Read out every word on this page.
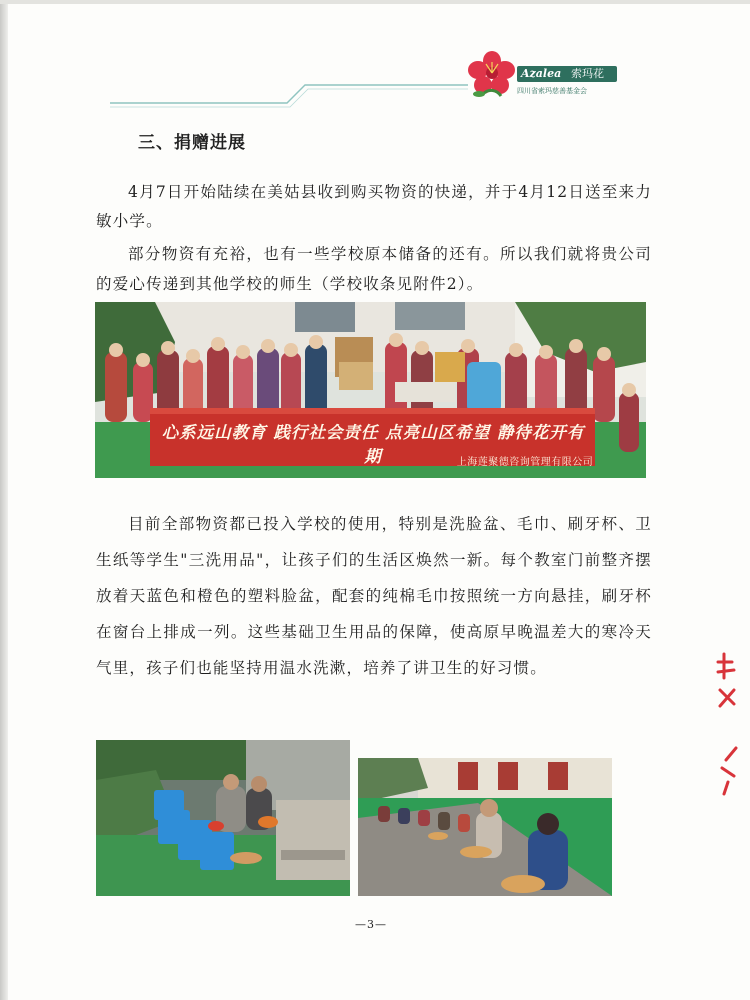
Azalea 索玛花
四川省索玛慈善基金会
三、捐赠进展
4月7日开始陆续在美姑县收到购买物资的快递，并于4月12日送至来力敏小学。
部分物资有充裕，也有一些学校原本储备的还有。所以我们就将贵公司的爱心传递到其他学校的师生（学校收条见附件2）。
心系远山教育 践行社会责任 点亮山区希望 静待花开有期	上海莲聚德咨询管理有限公司
目前全部物资都已投入学校的使用，特别是洗脸盆、毛巾、刷牙杯、卫生纸等学生"三洗用品"，让孩子们的生活区焕然一新。每个教室门前整齐摆放着天蓝色和橙色的塑料脸盆，配套的纯棉毛巾按照统一方向悬挂，刷牙杯在窗台上排成一列。这些基础卫生用品的保障，使高原早晚温差大的寒冷天气里，孩子们也能坚持用温水洗漱，培养了讲卫生的好习惯。
—3—
